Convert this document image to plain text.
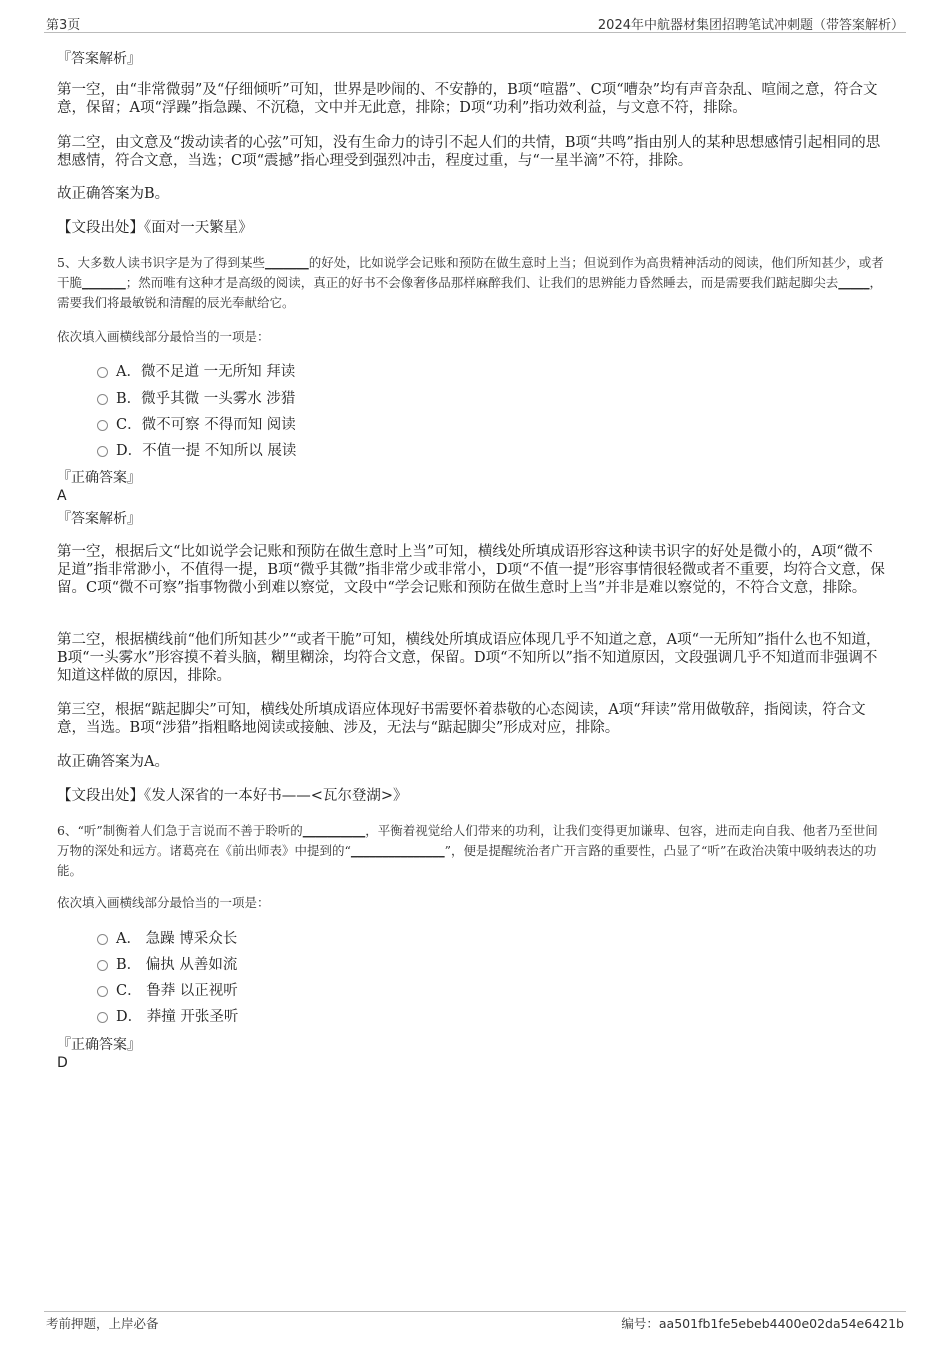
第3页	2024年中航器材集团招聘笔试冲刺题（带答案解析）
『答案解析』
第一空，由“非常微弱”及“仔细倾听”可知，世界是吵闹的、不安静的，B项“喧嚣”、C项“嘈杂”均有声音杂乱、喧闹之意，符合文意，保留；A项“浮躁”指急躁、不沉稳，文中并无此意，排除；D项“功利”指功效利益，与文意不符，排除。
第二空，由文意及“拨动读者的心弦”可知，没有生命力的诗引不起人们的共情，B项“共鸣”指由别人的某种思想感情引起相同的思想感情，符合文意，当选；C项“震撼”指心理受到强烈冲击，程度过重，与“一星半滴”不符，排除。
故正确答案为B。
【文段出处】《面对一天繁星》
5、大多数人读书识字是为了得到某些_______的好处，比如说学会记账和预防在做生意时上当；但说到作为高贵精神活动的阅读，他们所知甚少，或者干脆_______；然而唯有这种才是高级的阅读，真正的好书不会像奢侈品那样麻醉我们、让我们的思辨能力昏然睡去，而是需要我们踮起脚尖去_____，需要我们将最敏锐和清醒的辰光奉献给它。
依次填入画横线部分最恰当的一项是：
A．微不足道 一无所知 拜读
B．微乎其微 一头雾水 涉猎
C．微不可察 不得而知 阅读
D．不值一提 不知所以 展读
『正确答案』
A
『答案解析』
第一空，根据后文“比如说学会记账和预防在做生意时上当”可知，横线处所填成语形容这种读书识字的好处是微小的，A项“微不足道”指非常渺小，不值得一提，B项“微乎其微”指非常少或非常小，D项“不值一提”形容事情很轻微或者不重要，均符合文意，保留。C项“微不可察”指事物微小到难以察觉，文段中“学会记账和预防在做生意时上当”并非是难以察觉的，不符合文意，排除。
第二空，根据横线前“他们所知甚少”“或者干脆”可知，横线处所填成语应体现几乎不知道之意，A项“一无所知”指什么也不知道，B项“一头雾水”形容摸不着头脑，糊里糊涂，均符合文意，保留。D项“不知所以”指不知道原因，文段强调几乎不知道而非强调不知道这样做的原因，排除。
第三空，根据“踮起脚尖”可知，横线处所填成语应体现好书需要怀着恭敬的心态阅读，A项“拜读”常用做敬辞，指阅读，符合文意，当选。B项“涉猎”指粗略地阅读或接触、涉及，无法与“踮起脚尖”形成对应，排除。
故正确答案为A。
【文段出处】《发人深省的一本好书——<瓦尔登湖>》
6、“听”制衡着人们急于言说而不善于聆听的__________，平衡着视觉给人们带来的功利，让我们变得更加谦卑、包容，进而走向自我、他者乃至世间万物的深处和远方。诸葛亮在《前出师表》中提到的“_______________”，便是提醒统治者广开言路的重要性，凸显了“听”在政治决策中吸纳表达的功能。
依次填入画横线部分最恰当的一项是：
A． 急躁 博采众长
B． 偏执 从善如流
C． 鲁莽 以正视听
D． 莽撞 开张圣听
『正确答案』
D
考前押题，上岸必备	编号：aa501fb1fe5ebeb4400e02da54e6421b
